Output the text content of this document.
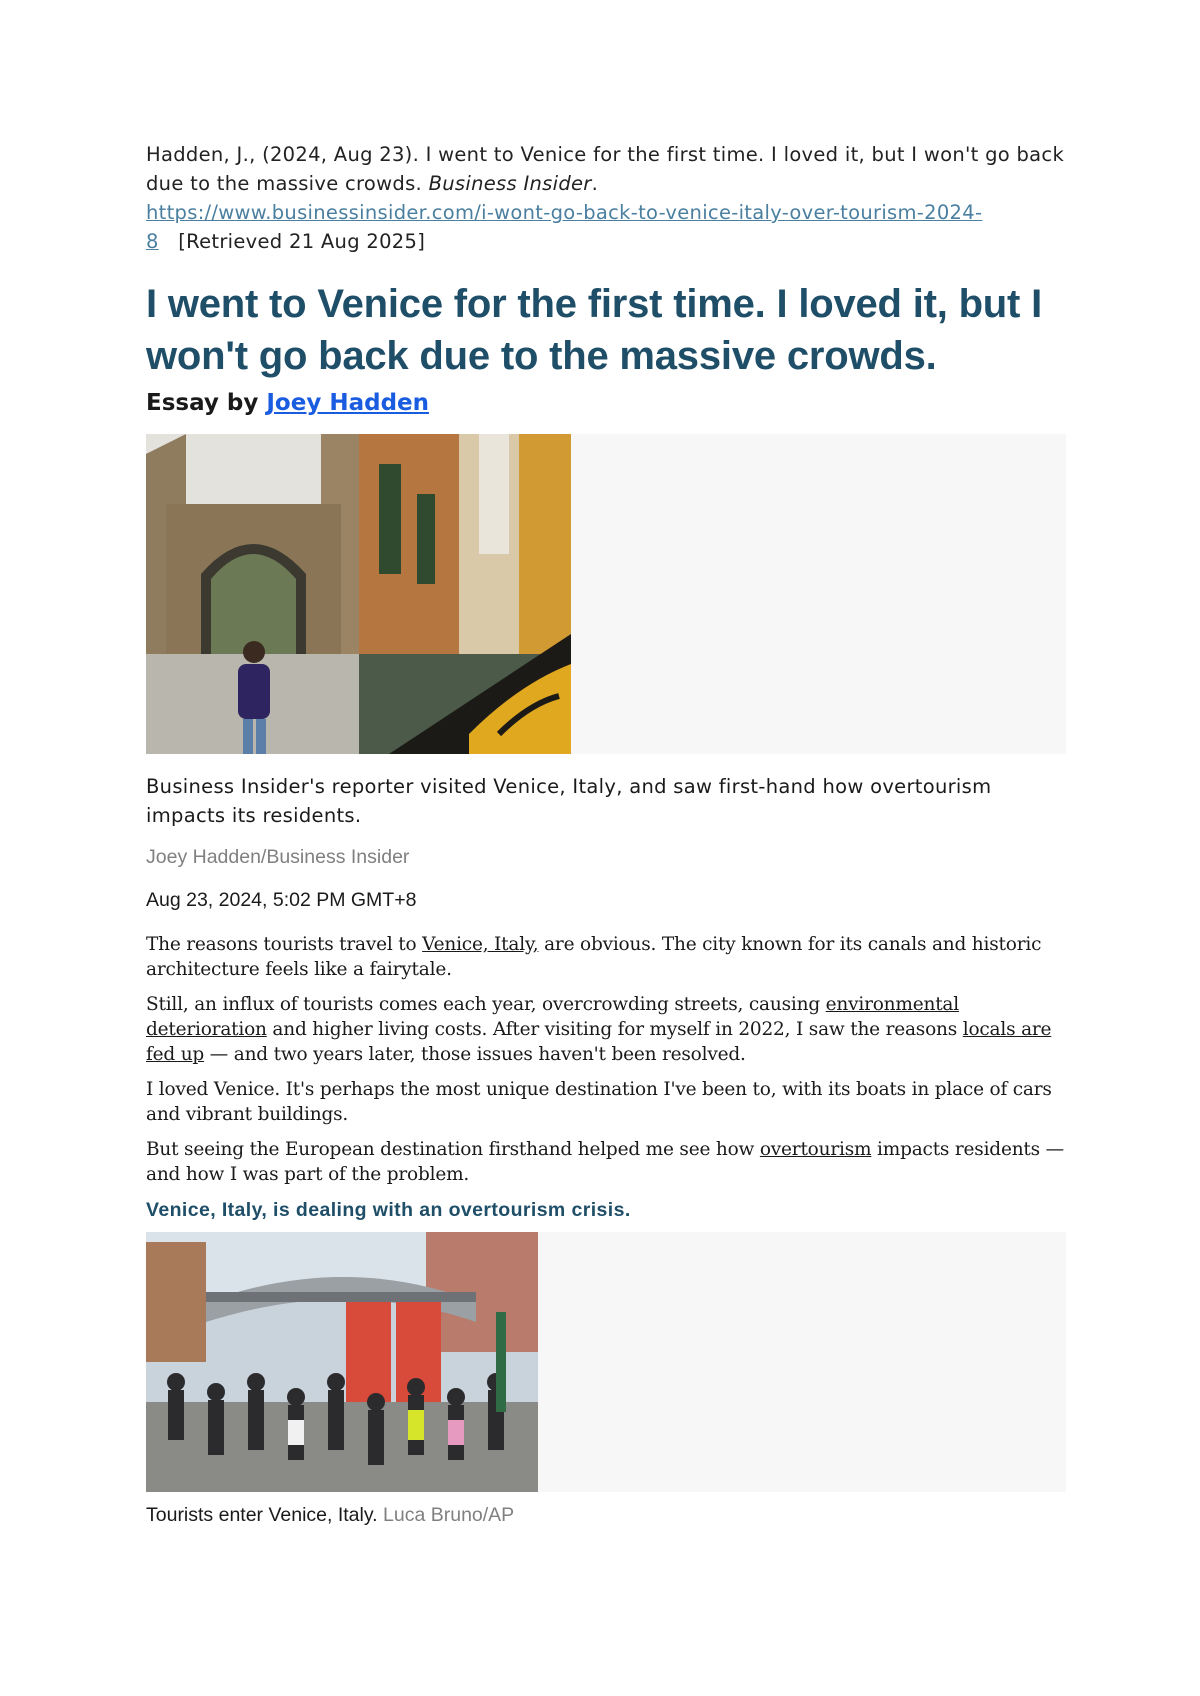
Hadden, J., (2024, Aug 23). I went to Venice for the first time. I loved it, but I won't go back due to the massive crowds. Business Insider.
https://www.businessinsider.com/i-wont-go-back-to-venice-italy-over-tourism-2024-8 [Retrieved 21 Aug 2025]

I went to Venice for the first time. I loved it, but I won't go back due to the massive crowds.

Essay by Joey Hadden

Business Insider's reporter visited Venice, Italy, and saw first-hand how overtourism impacts its residents.

Joey Hadden/Business Insider

Aug 23, 2024, 5:02 PM GMT+8

The reasons tourists travel to Venice, Italy, are obvious. The city known for its canals and historic architecture feels like a fairytale.

Still, an influx of tourists comes each year, overcrowding streets, causing environmental deterioration and higher living costs. After visiting for myself in 2022, I saw the reasons locals are fed up — and two years later, those issues haven't been resolved.

I loved Venice. It's perhaps the most unique destination I've been to, with its boats in place of cars and vibrant buildings.

But seeing the European destination firsthand helped me see how overtourism impacts residents — and how I was part of the problem.

Venice, Italy, is dealing with an overtourism crisis.

Tourists enter Venice, Italy. Luca Bruno/AP
